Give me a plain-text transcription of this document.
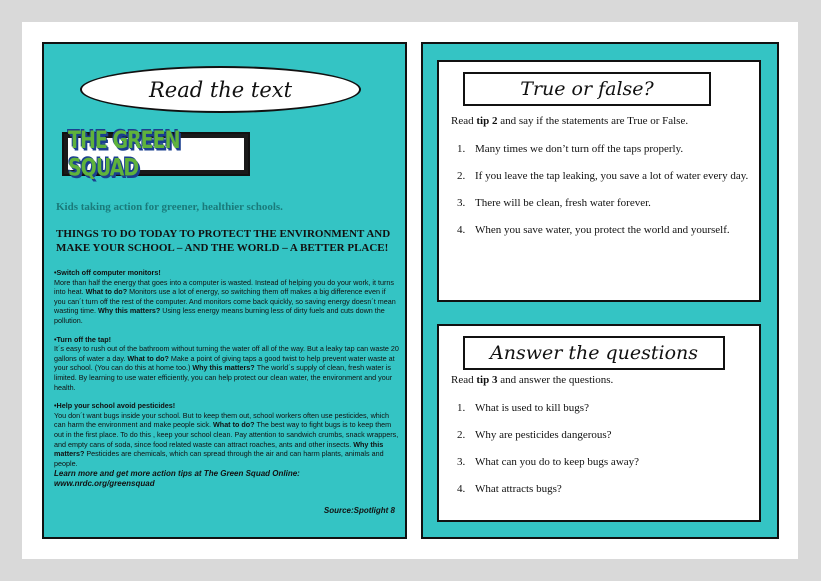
Read the text
THE GREEN SQUAD
Kids taking action for greener, healthier schools.
THINGS TO DO TODAY TO PROTECT THE ENVIRONMENT AND MAKE YOUR SCHOOL – AND THE WORLD – A BETTER PLACE!
•Switch off computer monitors!
More than half the energy that goes into a computer is wasted. Instead of helping you do your work, it turns into heat. What to do? Monitors use a lot of energy, so switching them off makes a big difference even if you can´t turn off the rest of the computer. And monitors come back quickly, so saving energy doesn´t mean wasting time. Why this matters? Using less energy means burning less of dirty fuels and cuts down the pollution.
•Turn off the tap!
It´s easy to rush out of the bathroom without turning the water off all of the way. But a leaky tap can waste 20 gallons of water a day. What to do? Make a point of giving taps a good twist to help prevent water waste at your school. (You can do this at home too.) Why this matters? The world´s supply of clean, fresh water is limited. By learning to use water efficiently, you can help protect our clean water, the environment and your health.
•Help your school avoid pesticides!
You don´t want bugs inside your school. But to keep them out, school workers often use pesticides, which can harm the environment and make people sick. What to do? The best way to fight bugs is to keep them out in the first place. To do this , keep your school clean. Pay attention to sandwich crumbs, snack wrappers, and empty cans of soda, since food related waste can attract roaches, ants and other insects. Why this matters? Pesticides are chemicals, which can spread through the air and can harm plants, animals and people.
Learn more and get more action tips at The Green Squad Online: www.nrdc.org/greensquad
Source:Spotlight 8
True or false?
Read tip 2 and say if the statements are True or False.
1. Many times we don’t turn off the taps properly.
2. If you leave the tap leaking, you save a lot of water every day.
3. There will be clean, fresh water forever.
4. When you save water, you protect the world and yourself.
Answer the questions
Read tip 3 and answer the questions.
1. What is used to kill bugs?
2. Why are pesticides dangerous?
3. What can you do to keep bugs away?
4. What attracts bugs?
